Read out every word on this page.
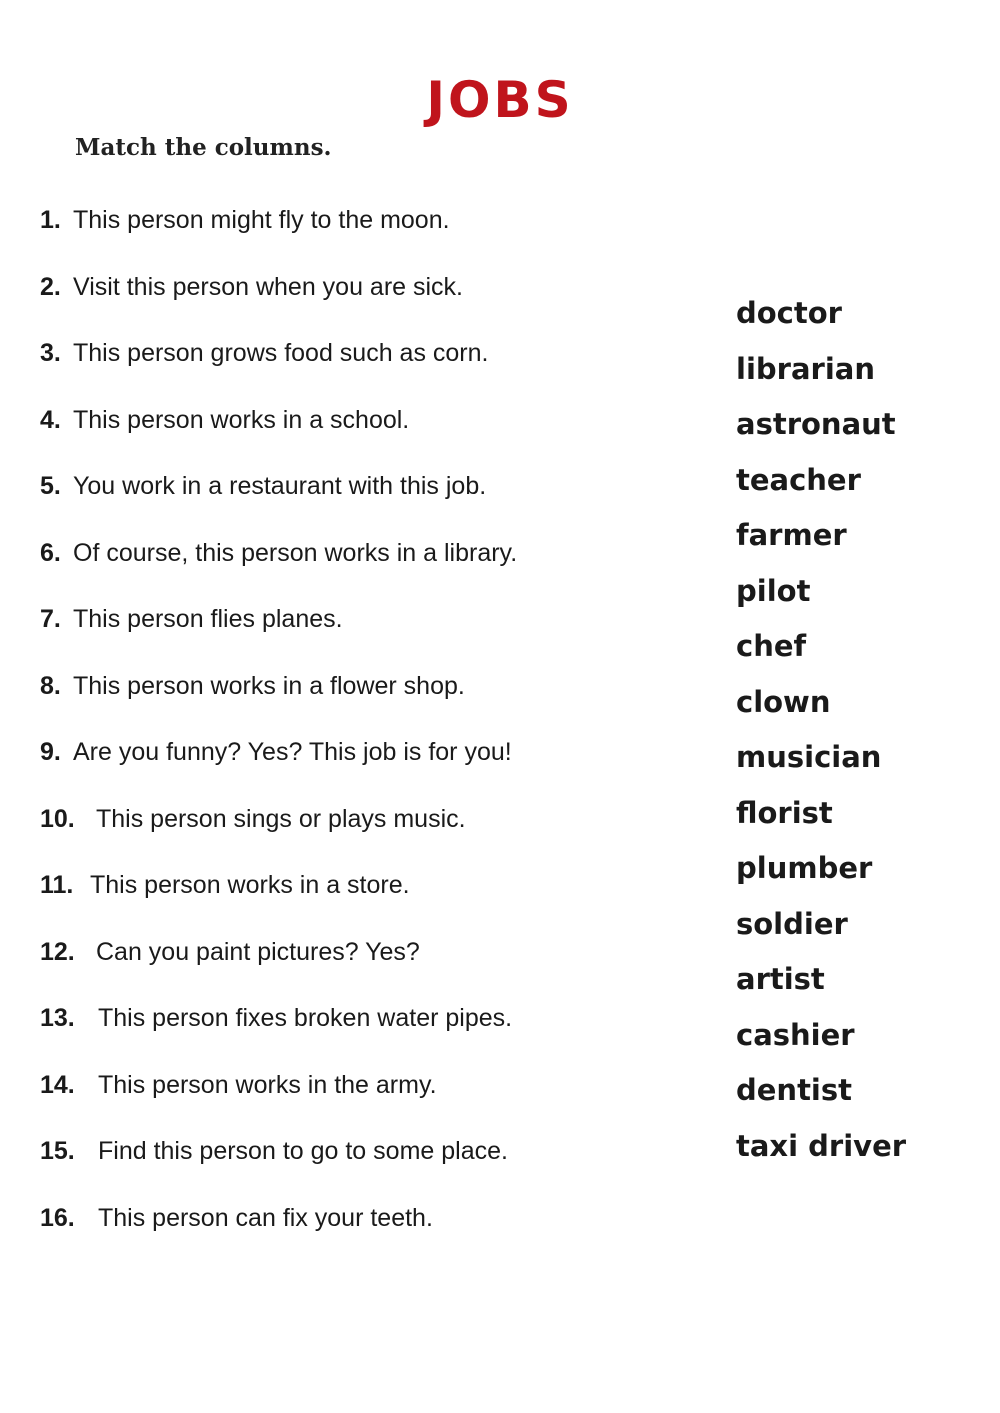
JOBS
Match the columns.
1. This person might fly to the moon.
2. Visit this person when you are sick.
3. This person grows food such as corn.
4. This person works in a school.
5. You work in a restaurant with this job.
6. Of course, this person works in a library.
7. This person flies planes.
8. This person works in a flower shop.
9. Are you funny? Yes? This job is for you!
10. This person sings or plays music.
11. This person works in a store.
12. Can you paint pictures? Yes?
13. This person fixes broken water pipes.
14. This person works in the army.
15. Find this person to go to some place.
16. This person can fix your teeth.
doctor
librarian
astronaut
teacher
farmer
pilot
chef
clown
musician
florist
plumber
soldier
artist
cashier
dentist
taxi driver
